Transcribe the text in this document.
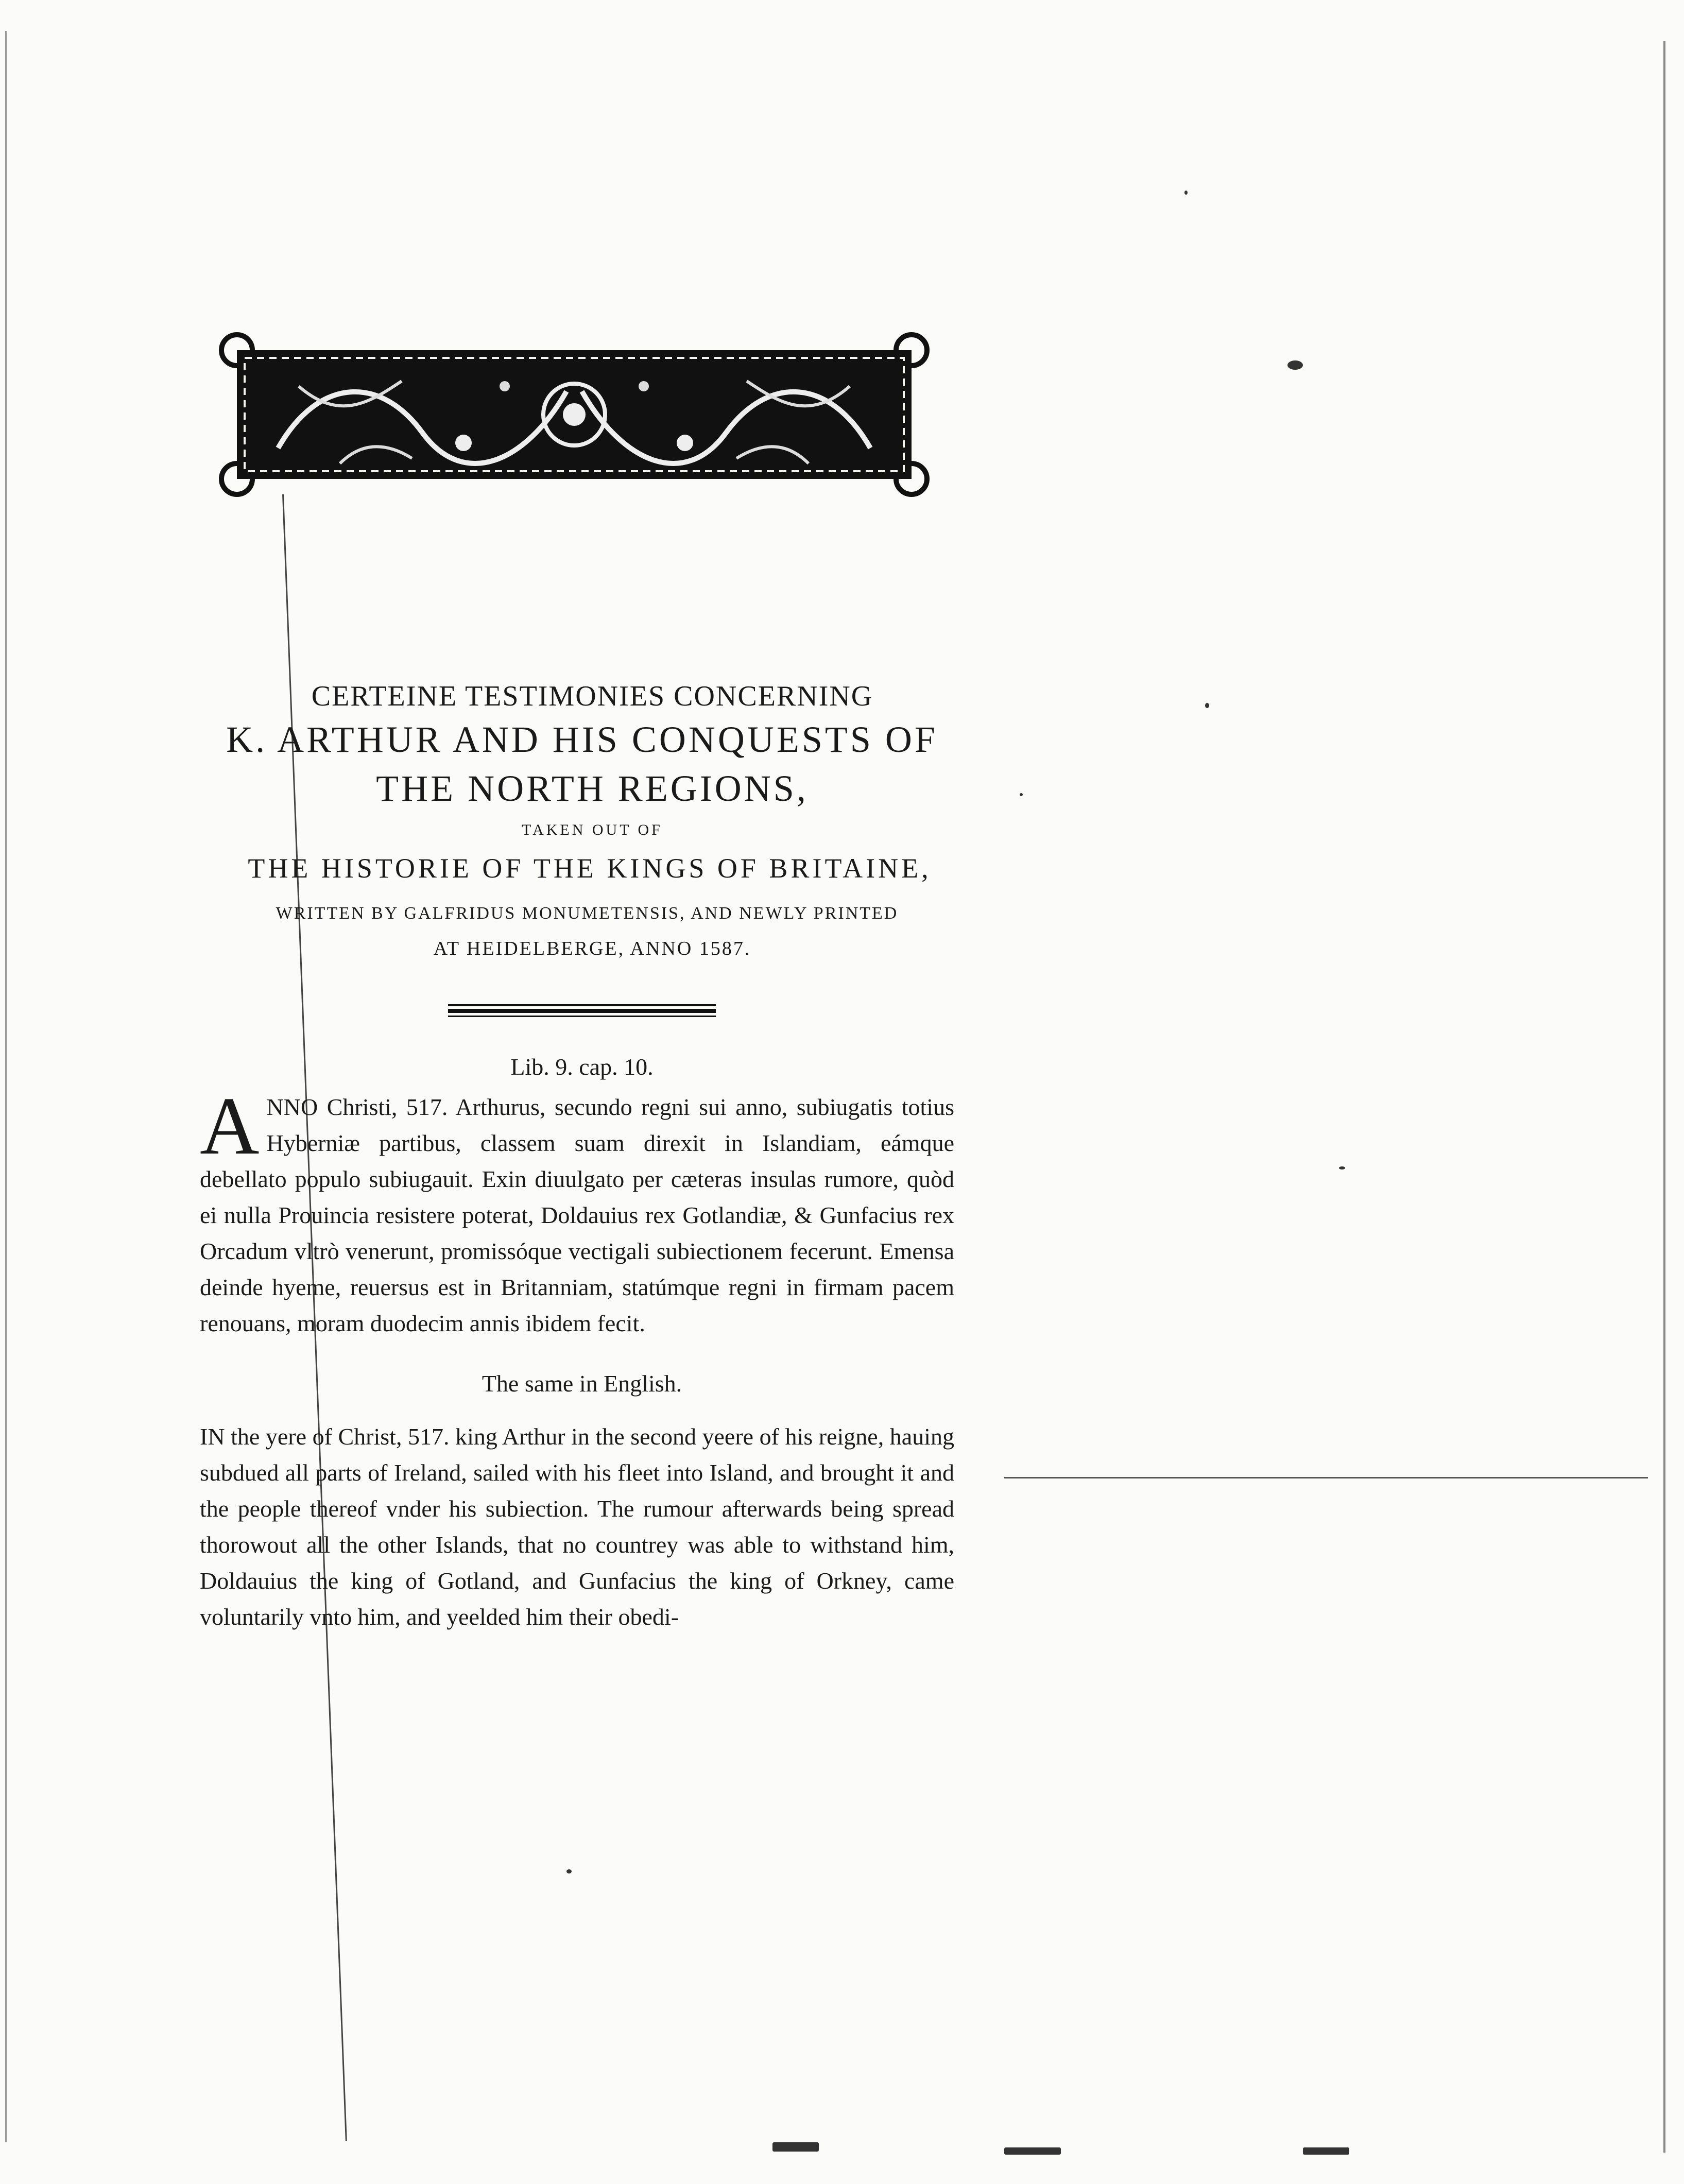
CERTEINE TESTIMONIES CONCERNING
K. ARTHUR AND HIS CONQUESTS OF
THE NORTH REGIONS,
TAKEN OUT OF
THE HISTORIE OF THE KINGS OF BRITAINE,
WRITTEN BY GALFRIDUS MONUMETENSIS, AND NEWLY PRINTED
AT HEIDELBERGE, ANNO 1587.
Lib. 9. cap. 10.
ANNO Christi, 517. Arthurus, secundo regni sui anno, subiugatis totius Hyberniæ partibus, classem suam direxit in Islandiam, eámque debellato populo subiugauit. Exin diuulgato per cæteras insulas rumore, quòd ei nulla Prouincia resistere poterat, Doldauius rex Gotlandiæ, & Gunfacius rex Orcadum vltrò venerunt, promissóque vectigali subiectionem fecerunt. Emensa deinde hyeme, reuersus est in Britanniam, statúmque regni in firmam pacem renouans, moram duodecim annis ibidem fecit.
The same in English.
IN the yere of Christ, 517. king Arthur in the second yeere of his reigne, hauing subdued all parts of Ireland, sailed with his fleet into Island, and brought it and the people thereof vnder his subiection. The rumour afterwards being spread thorowout all the other Islands, that no countrey was able to withstand him, Doldauius the king of Gotland, and Gunfacius the king of Orkney, came voluntarily vnto him, and yeelded him their obedi-
